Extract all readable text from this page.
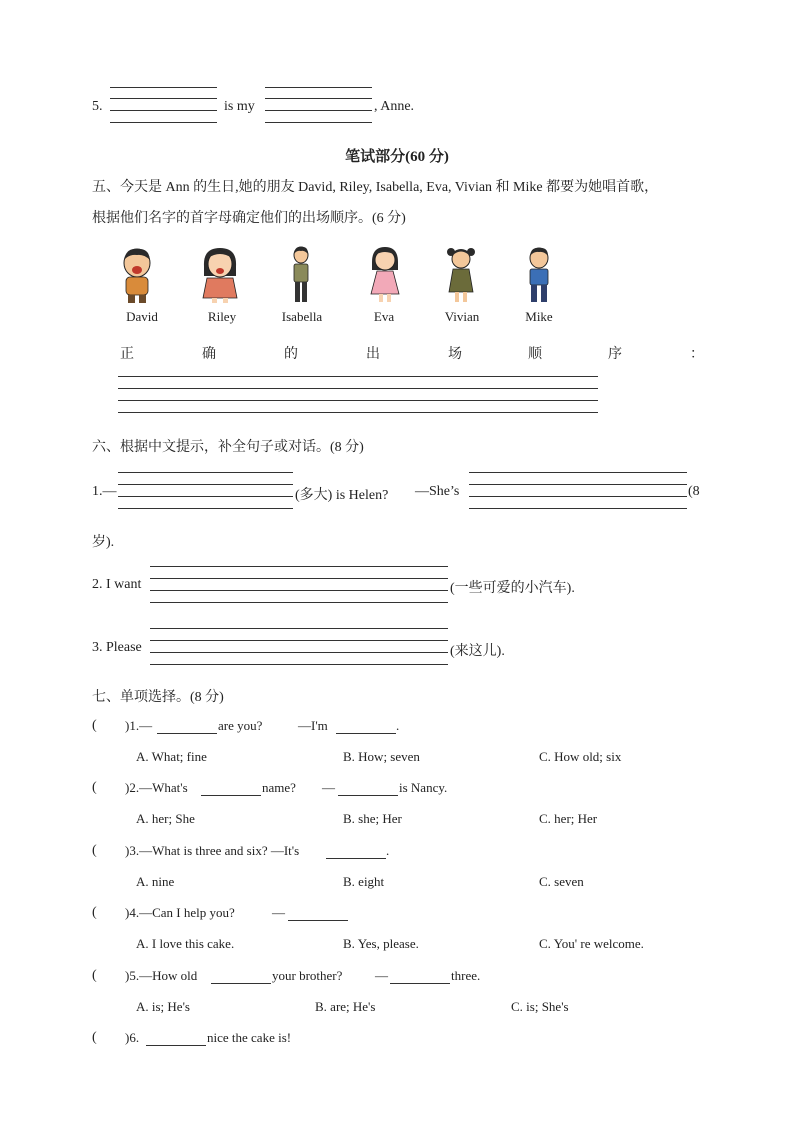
5.	is my	, Anne.
笔试部分(60 分)
五、今天是 Ann 的生日,她的朋友 David, Riley, Isabella, Eva, Vivian 和 Mike 都要为她唱首歌，
根据他们名字的首字母确定他们的出场顺序。(6 分)
David	Riley	Isabella	Eva	Vivian	Mike
正	确	的	出	场	顺	序	：
六、根据中文提示，补全句子或对话。(8 分)
1.—	(多大) is Helen? —She’s	(8
岁).
2. I want	(一些可爱的小汽车).
3. Please	(来这儿).
七、单项选择。(8 分)
( )1.—	are you?	—I'm	.
A. What; fine	B. How; seven	C. How old; six
( )2.—What's	name? —	is Nancy.
A. her; She	B. she; Her	C. her; Her
( )3.—What is three and six? —It's	.
A. nine	B. eight	C. seven
( )4.—Can I help you?	—
A. I love this cake.	B. Yes, please.	C. You' re welcome.
( )5.—How old	your brother?	—	three.
A. is; He's	B. are; He's	C. is; She's
( )6.	nice the cake is!
